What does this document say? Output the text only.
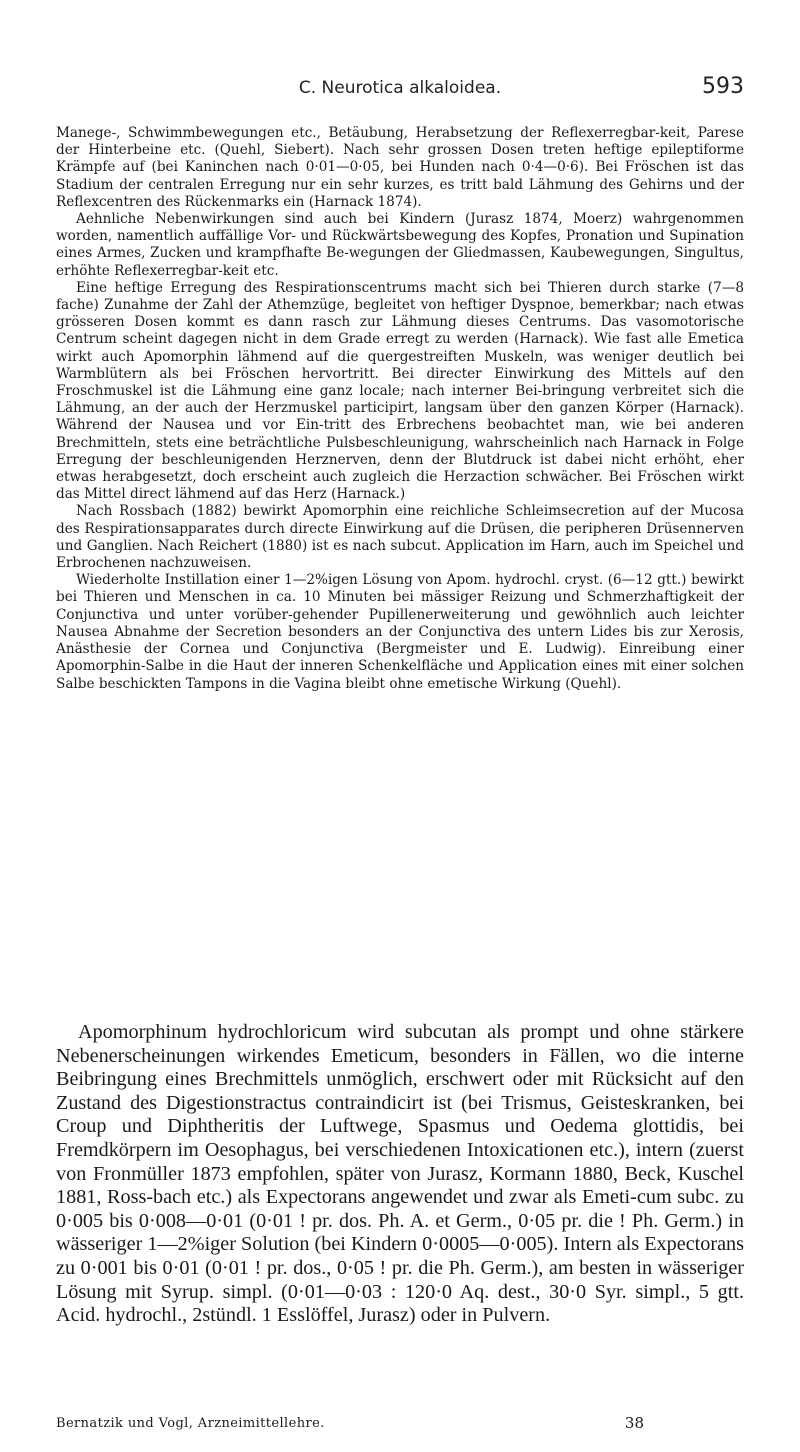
C. Neurotica alkaloidea.	593

Manege-, Schwimmbewegungen etc., Betäubung, Herabsetzung der Reflexerregbar-keit, Parese der Hinterbeine etc. (Quehl, Siebert). Nach sehr grossen Dosen treten heftige epileptiforme Krämpfe auf (bei Kaninchen nach 0·01—0·05, bei Hunden nach 0·4—0·6). Bei Fröschen ist das Stadium der centralen Erregung nur ein sehr kurzes, es tritt bald Lähmung des Gehirns und der Reflexcentren des Rückenmarks ein (Harnack 1874).

Aehnliche Nebenwirkungen sind auch bei Kindern (Jurasz 1874, Moerz) wahrgenommen worden, namentlich auffällige Vor- und Rückwärtsbewegung des Kopfes, Pronation und Supination eines Armes, Zucken und krampfhafte Be-wegungen der Gliedmassen, Kaubewegungen, Singultus, erhöhte Reflexerregbar-keit etc.

Eine heftige Erregung des Respirationscentrums macht sich bei Thieren durch starke (7—8 fache) Zunahme der Zahl der Athemzüge, begleitet von heftiger Dyspnoe, bemerkbar; nach etwas grösseren Dosen kommt es dann rasch zur Lähmung dieses Centrums. Das vasomotorische Centrum scheint dagegen nicht in dem Grade erregt zu werden (Harnack). Wie fast alle Emetica wirkt auch Apomorphin lähmend auf die quergestreiften Muskeln, was weniger deutlich bei Warmblütern als bei Fröschen hervortritt. Bei directer Einwirkung des Mittels auf den Froschmuskel ist die Lähmung eine ganz locale; nach interner Bei-bringung verbreitet sich die Lähmung, an der auch der Herzmuskel participirt, langsam über den ganzen Körper (Harnack). Während der Nausea und vor Ein-tritt des Erbrechens beobachtet man, wie bei anderen Brechmitteln, stets eine beträchtliche Pulsbeschleunigung, wahrscheinlich nach Harnack in Folge Erregung der beschleunigenden Herznerven, denn der Blutdruck ist dabei nicht erhöht, eher etwas herabgesetzt, doch erscheint auch zugleich die Herzaction schwächer. Bei Fröschen wirkt das Mittel direct lähmend auf das Herz (Harnack.)

Nach Rossbach (1882) bewirkt Apomorphin eine reichliche Schleimsecretion auf der Mucosa des Respirationsapparates durch directe Einwirkung auf die Drüsen, die peripheren Drüsennerven und Ganglien. Nach Reichert (1880) ist es nach subcut. Application im Harn, auch im Speichel und Erbrochenen nachzuweisen.

Wiederholte Instillation einer 1—2%igen Lösung von Apom. hydrochl. cryst. (6—12 gtt.) bewirkt bei Thieren und Menschen in ca. 10 Minuten bei mässiger Reizung und Schmerzhaftigkeit der Conjunctiva und unter vorüber-gehender Pupillenerweiterung und gewöhnlich auch leichter Nausea Abnahme der Secretion besonders an der Conjunctiva des untern Lides bis zur Xerosis, Anästhesie der Cornea und Conjunctiva (Bergmeister und E. Ludwig). Einreibung einer Apomorphin-Salbe in die Haut der inneren Schenkelfläche und Application eines mit einer solchen Salbe beschickten Tampons in die Vagina bleibt ohne emetische Wirkung (Quehl).

Apomorphinum hydrochloricum wird subcutan als prompt und ohne stärkere Nebenerscheinungen wirkendes Emeticum, besonders in Fällen, wo die interne Beibringung eines Brechmittels unmöglich, erschwert oder mit Rücksicht auf den Zustand des Digestionstractus contraindicirt ist (bei Trismus, Geisteskranken, bei Croup und Diphtheritis der Luftwege, Spasmus und Oedema glottidis, bei Fremdkörpern im Oesophagus, bei verschiedenen Intoxicationen etc.), intern (zuerst von Fronmüller 1873 empfohlen, später von Jurasz, Kormann 1880, Beck, Kuschel 1881, Ross-bach etc.) als Expectorans angewendet und zwar als Emeti-cum subc. zu 0·005 bis 0·008—0·01 (0·01 ! pr. dos. Ph. A. et Germ., 0·05 pr. die ! Ph. Germ.) in wässeriger 1—2%iger Solution (bei Kindern 0·0005—0·005). Intern als Expectorans zu 0·001 bis 0·01 (0·01 ! pr. dos., 0·05 ! pr. die Ph. Germ.), am besten in wässeriger Lösung mit Syrup. simpl. (0·01—0·03 : 120·0 Aq. dest., 30·0 Syr. simpl., 5 gtt. Acid. hydrochl., 2stündl. 1 Esslöffel, Jurasz) oder in Pulvern.

Bernatzik und Vogl, Arzneimittellehre.	38
